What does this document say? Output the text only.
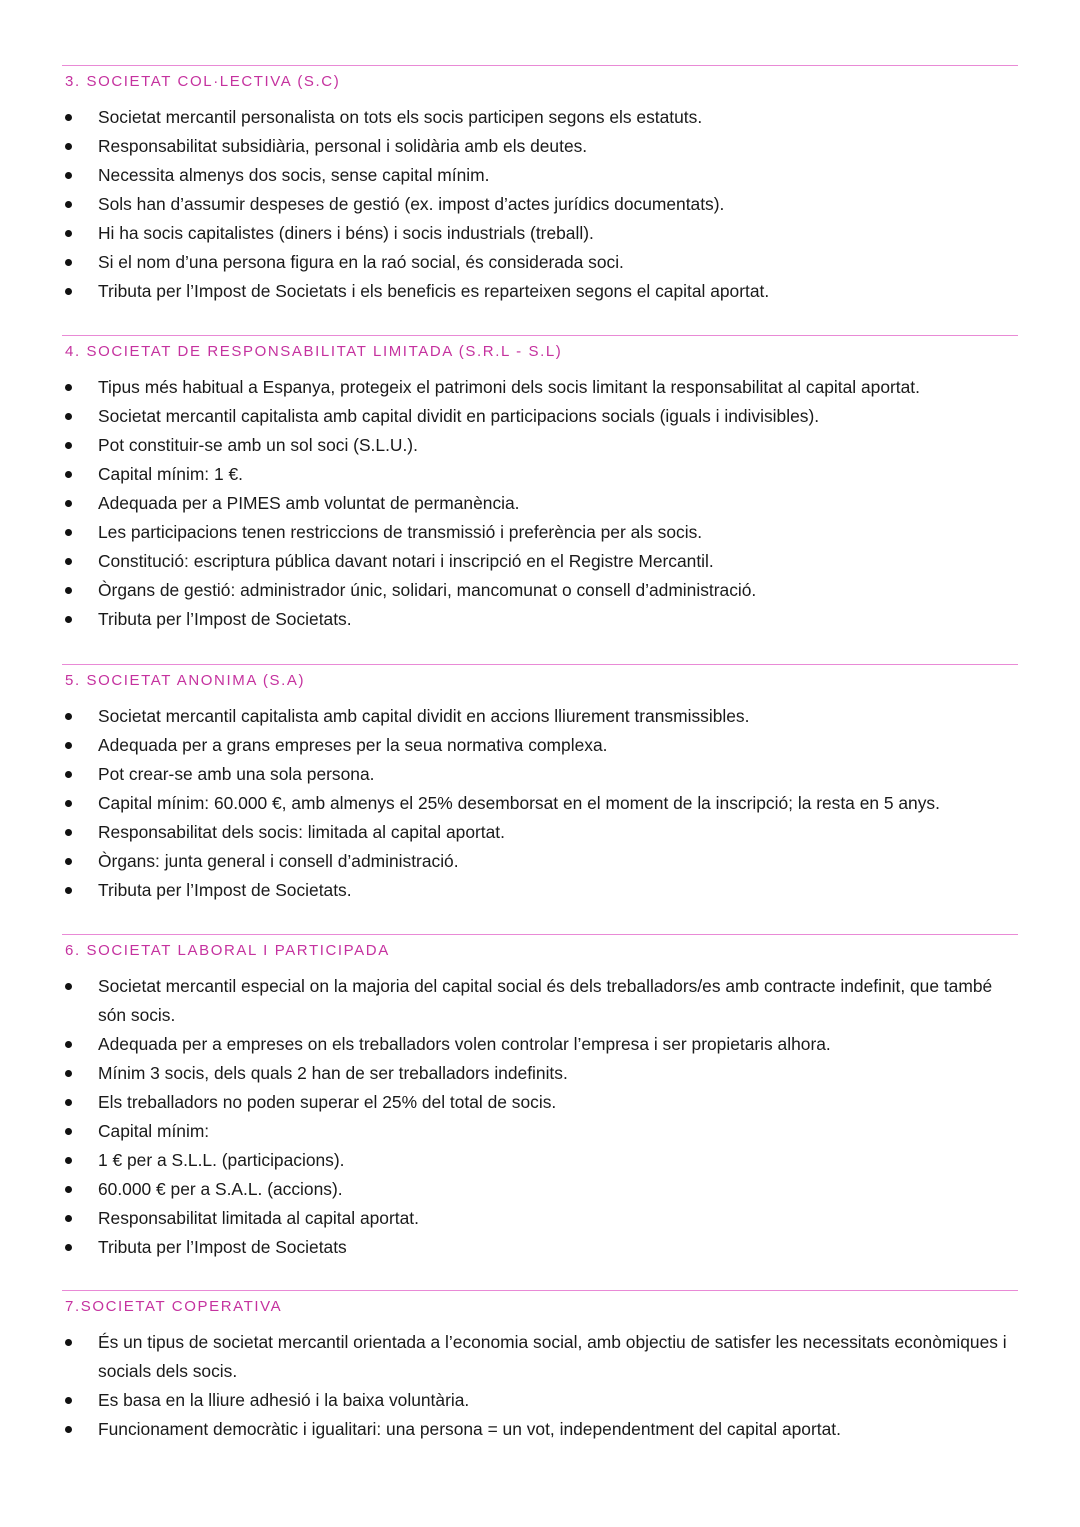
3. SOCIETAT COL·LECTIVA (S.C)
Societat mercantil personalista on tots els socis participen segons els estatuts.
Responsabilitat subsidiària, personal i solidària amb els deutes.
Necessita almenys dos socis, sense capital mínim.
Sols han d’assumir despeses de gestió (ex. impost d’actes jurídics documentats).
Hi ha socis capitalistes (diners i béns) i socis industrials (treball).
Si el nom d’una persona figura en la raó social, és considerada soci.
Tributa per l’Impost de Societats i els beneficis es reparteixen segons el capital aportat.
4. SOCIETAT DE RESPONSABILITAT LIMITADA (S.R.L - S.L)
Tipus més habitual a Espanya, protegeix el patrimoni dels socis limitant la responsabilitat al capital aportat.
Societat mercantil capitalista amb capital dividit en participacions socials (iguals i indivisibles).
Pot constituir-se amb un sol soci (S.L.U.).
Capital mínim: 1 €.
Adequada per a PIMES amb voluntat de permanència.
Les participacions tenen restriccions de transmissió i preferència per als socis.
Constitució: escriptura pública davant notari i inscripció en el Registre Mercantil.
Òrgans de gestió: administrador únic, solidari, mancomunat o consell d’administració.
Tributa per l’Impost de Societats.
5. SOCIETAT ANONIMA (S.A)
Societat mercantil capitalista amb capital dividit en accions lliurement transmissibles.
Adequada per a grans empreses per la seua normativa complexa.
Pot crear-se amb una sola persona.
Capital mínim: 60.000 €, amb almenys el 25% desemborsat en el moment de la inscripció; la resta en 5 anys.
Responsabilitat dels socis: limitada al capital aportat.
Òrgans: junta general i consell d’administració.
Tributa per l’Impost de Societats.
6. SOCIETAT LABORAL I PARTICIPADA
Societat mercantil especial on la majoria del capital social és dels treballadors/es amb contracte indefinit, que també són socis.
Adequada per a empreses on els treballadors volen controlar l’empresa i ser propietaris alhora.
Mínim 3 socis, dels quals 2 han de ser treballadors indefinits.
Els treballadors no poden superar el 25% del total de socis.
Capital mínim:
1 € per a S.L.L. (participacions).
60.000 € per a S.A.L. (accions).
Responsabilitat limitada al capital aportat.
Tributa per l’Impost de Societats
7.SOCIETAT COPERATIVA
És un tipus de societat mercantil orientada a l’economia social, amb objectiu de satisfer les necessitats econòmiques i socials dels socis.
Es basa en la lliure adhesió i la baixa voluntària.
Funcionament democràtic i igualitari: una persona = un vot, independentment del capital aportat.
